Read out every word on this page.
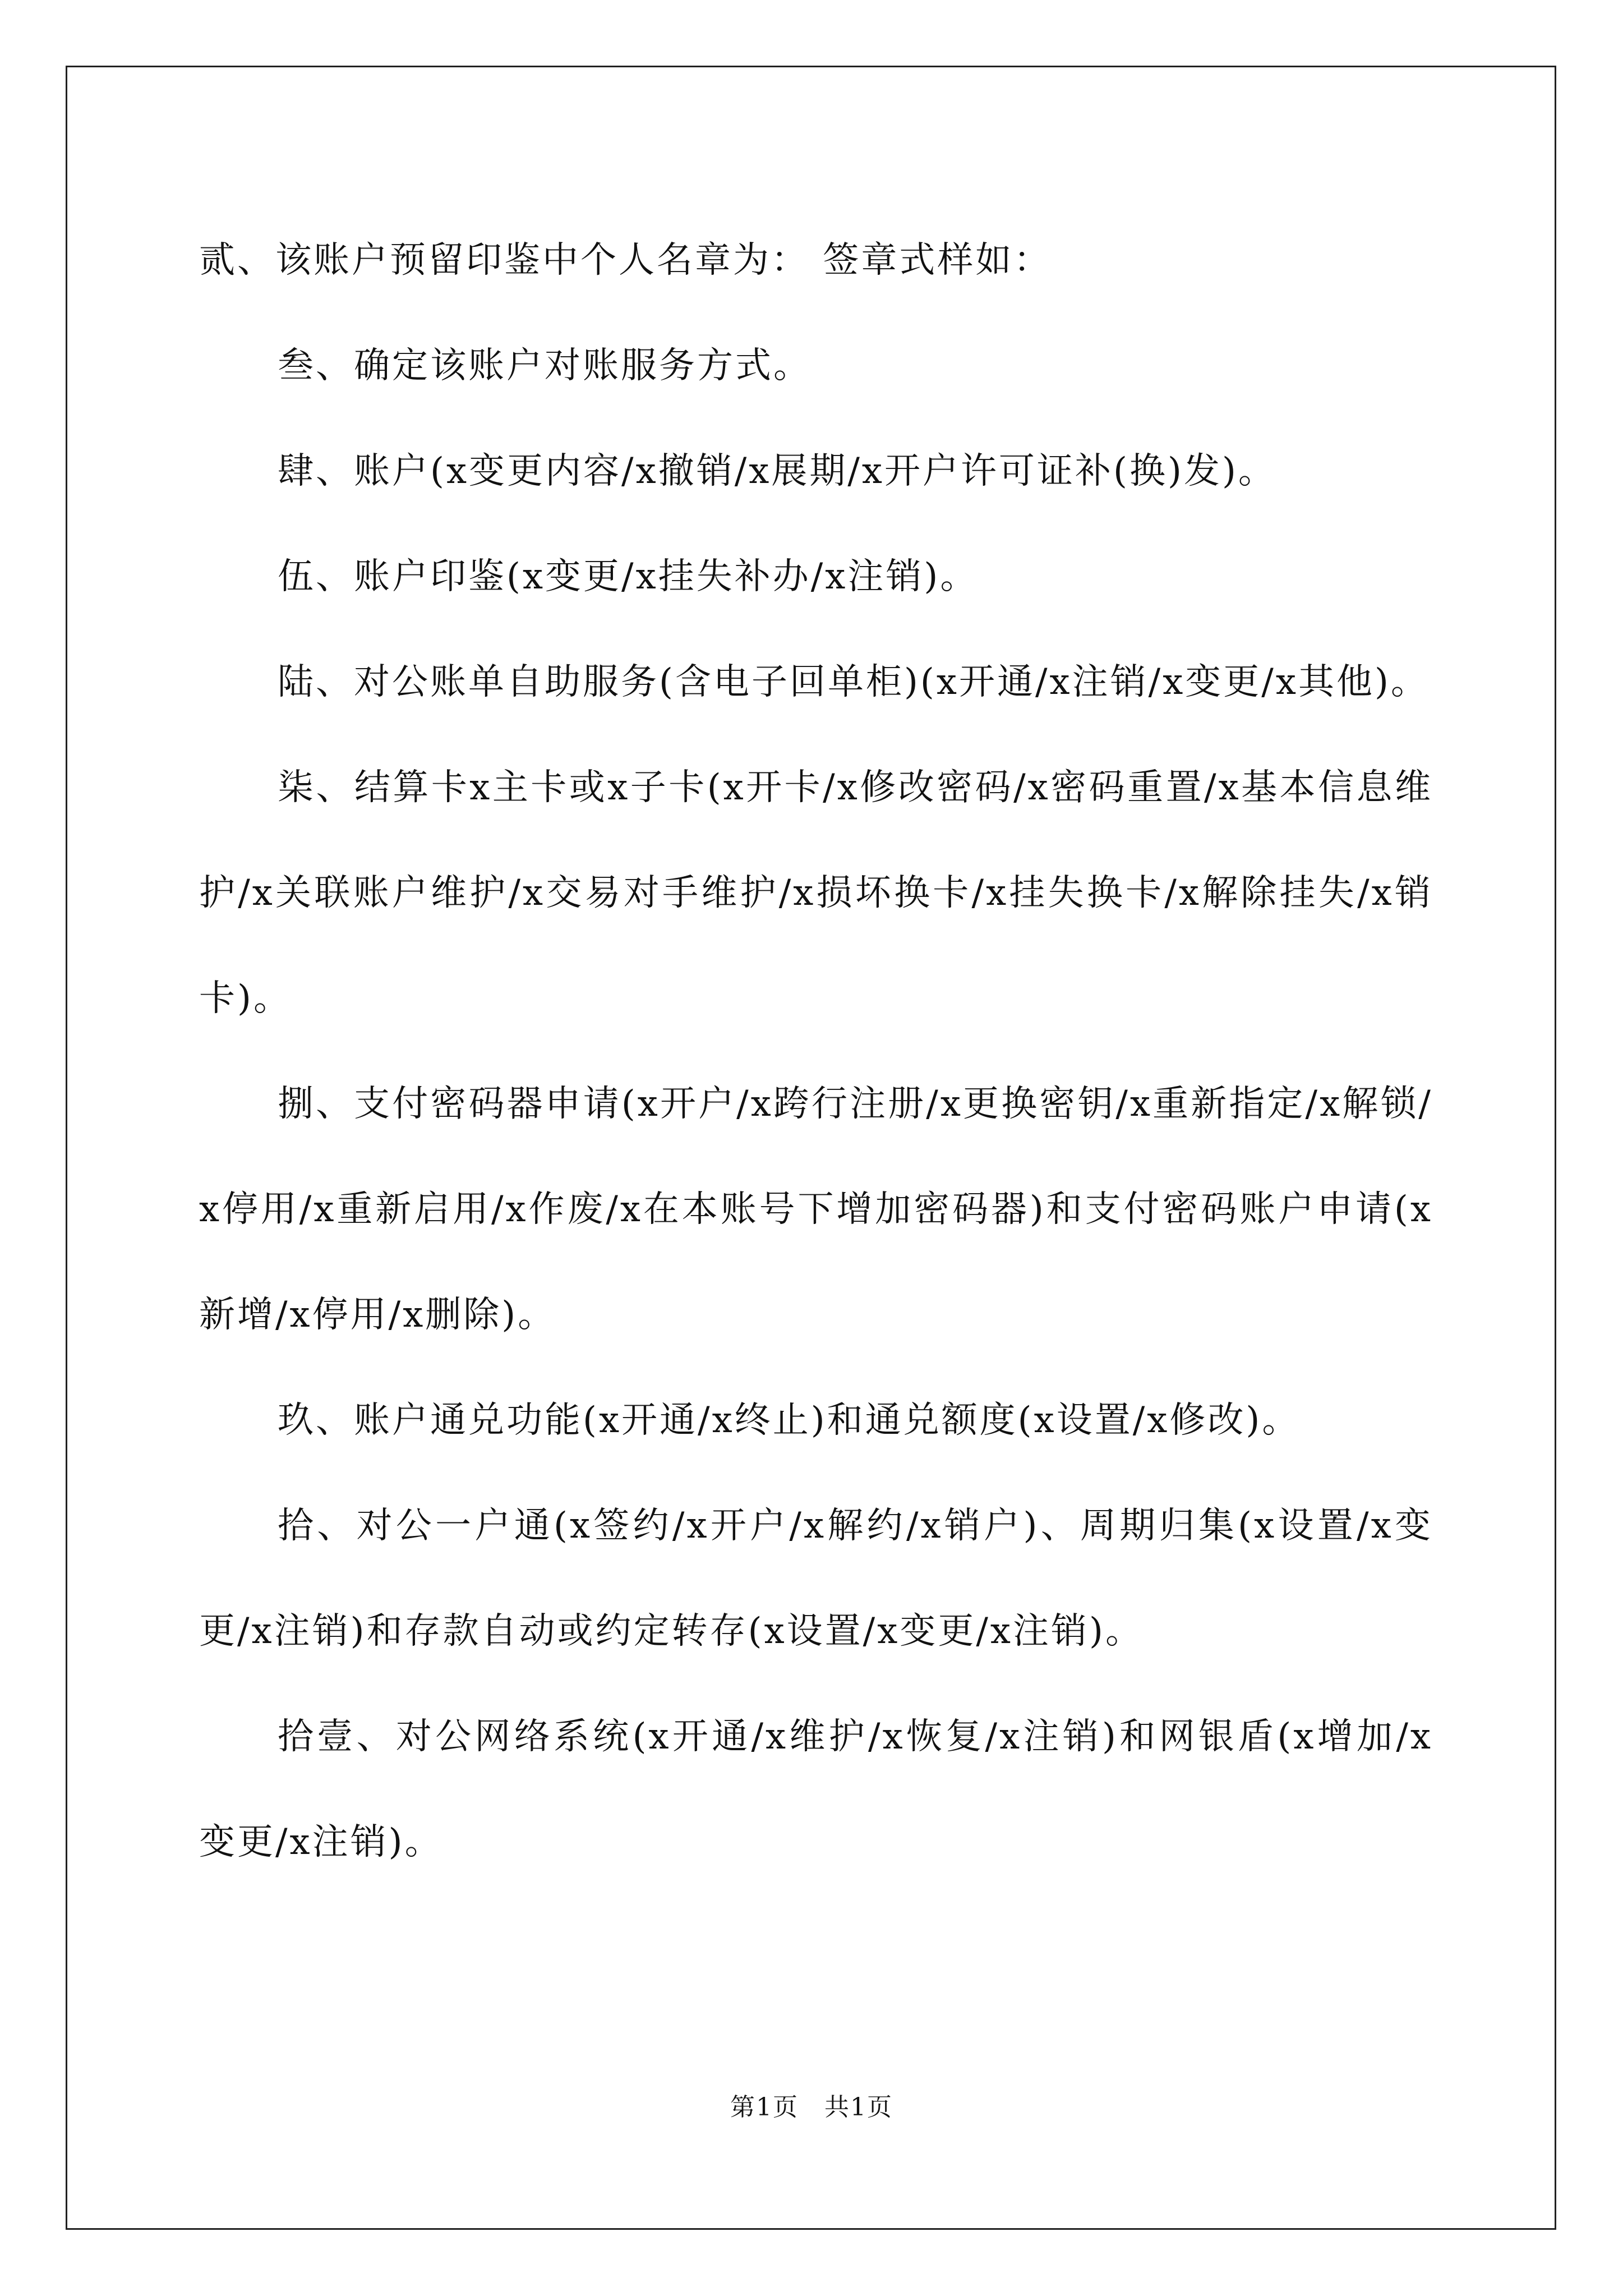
贰、该账户预留印鉴中个人名章为： 签章式样如：

叁、确定该账户对账服务方式。

肆、账户(x变更内容/x撤销/x展期/x开户许可证补(换)发)。

伍、账户印鉴(x变更/x挂失补办/x注销)。

陆、对公账单自助服务(含电子回单柜)(x开通/x注销/x变更/x其他)。

柒、结算卡x主卡或x子卡(x开卡/x修改密码/x密码重置/x基本信息维护/x关联账户维护/x交易对手维护/x损坏换卡/x挂失换卡/x解除挂失/x销卡)。

捌、支付密码器申请(x开户/x跨行注册/x更换密钥/x重新指定/x解锁/x停用/x重新启用/x作废/x在本账号下增加密码器)和支付密码账户申请(x新增/x停用/x删除)。

玖、账户通兑功能(x开通/x终止)和通兑额度(x设置/x修改)。

拾、对公一户通(x签约/x开户/x解约/x销户)、周期归集(x设置/x变更/x注销)和存款自动或约定转存(x设置/x变更/x注销)。

拾壹、对公网络系统(x开通/x维护/x恢复/x注销)和网银盾(x增加/x变更/x注销)。

第1页　共1页
